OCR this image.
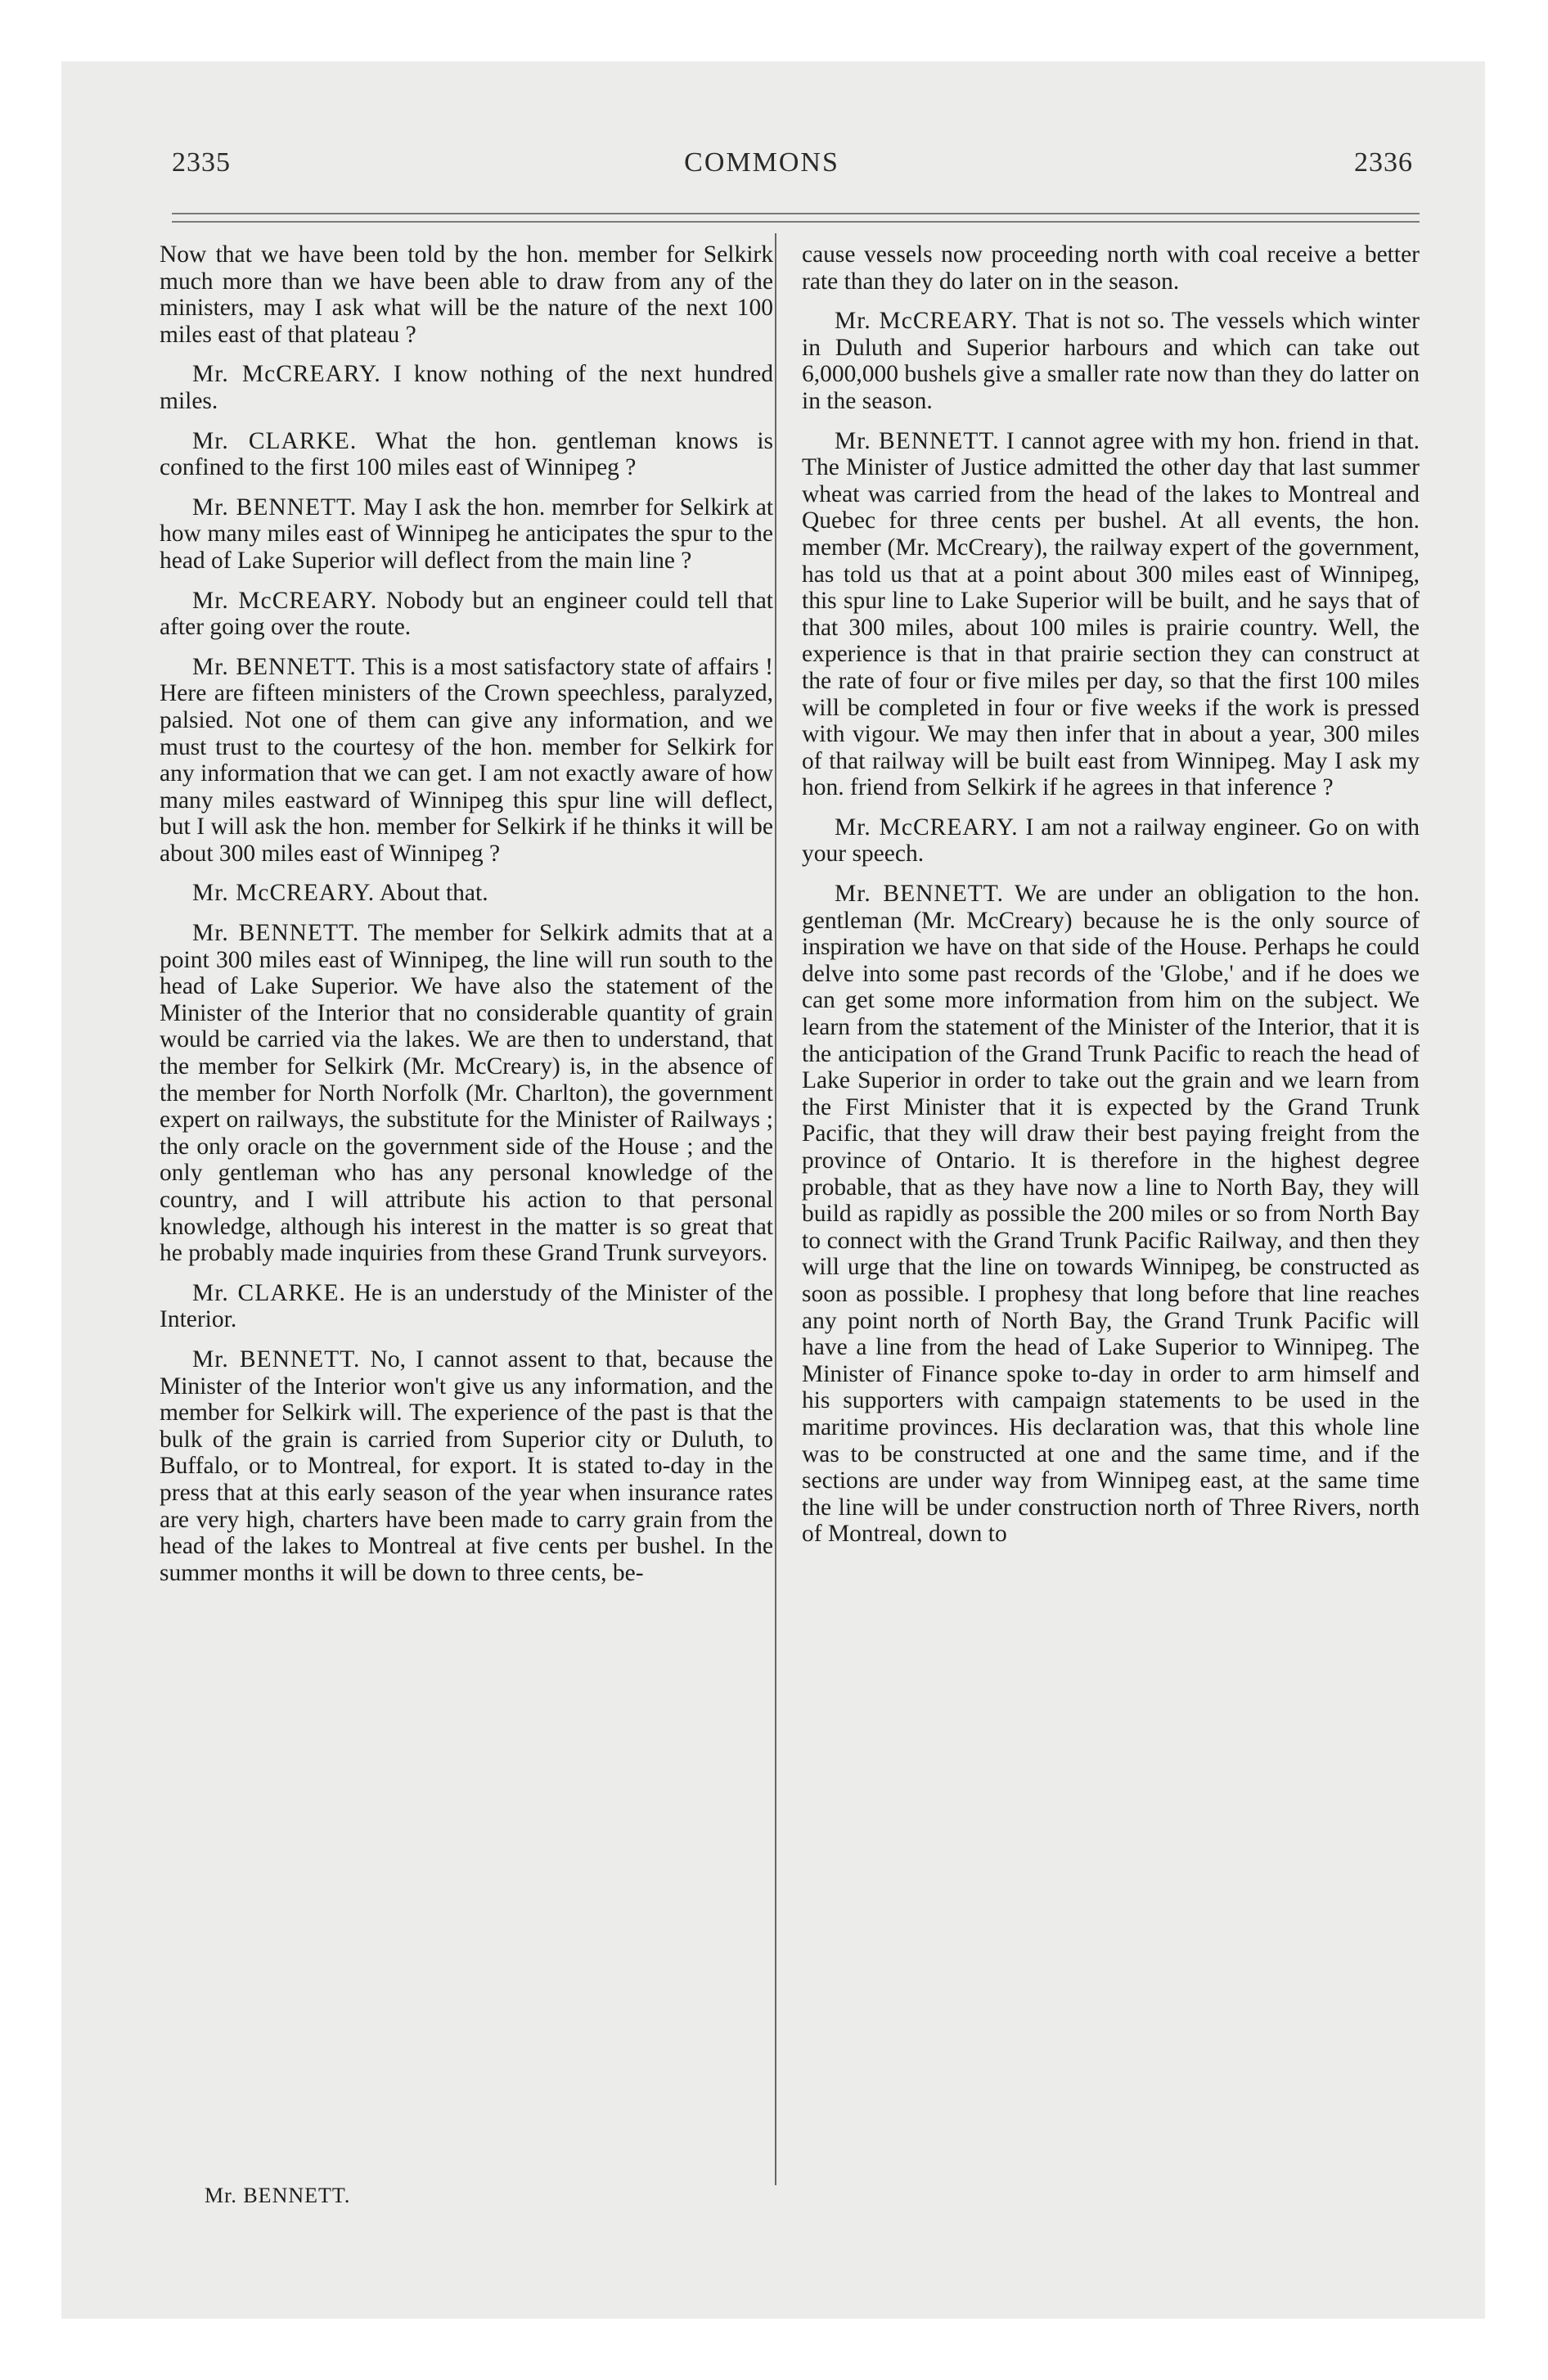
2335	COMMONS	2336

Now that we have been told by the hon. member for Selkirk much more than we have been able to draw from any of the ministers, may I ask what will be the nature of the next 100 miles east of that plateau ?

Mr. McCREARY. I know nothing of the next hundred miles.

Mr. CLARKE. What the hon. gentleman knows is confined to the first 100 miles east of Winnipeg ?

Mr. BENNETT. May I ask the hon. memrber for Selkirk at how many miles east of Winnipeg he anticipates the spur to the head of Lake Superior will deflect from the main line ?

Mr. McCREARY. Nobody but an engineer could tell that after going over the route.

Mr. BENNETT. This is a most satisfactory state of affairs ! Here are fifteen ministers of the Crown speechless, paralyzed, palsied. Not one of them can give any information, and we must trust to the courtesy of the hon. member for Selkirk for any information that we can get. I am not exactly aware of how many miles eastward of Winnipeg this spur line will deflect, but I will ask the hon. member for Selkirk if he thinks it will be about 300 miles east of Winnipeg ?

Mr. McCREARY. About that.

Mr. BENNETT. The member for Selkirk admits that at a point 300 miles east of Winnipeg, the line will run south to the head of Lake Superior. We have also the statement of the Minister of the Interior that no considerable quantity of grain would be carried via the lakes. We are then to understand, that the member for Selkirk (Mr. McCreary) is, in the absence of the member for North Norfolk (Mr. Charlton), the government expert on railways, the substitute for the Minister of Railways ; the only oracle on the government side of the House ; and the only gentleman who has any personal knowledge of the country, and I will attribute his action to that personal knowledge, although his interest in the matter is so great that he probably made inquiries from these Grand Trunk surveyors.

Mr. CLARKE. He is an understudy of the Minister of the Interior.

Mr. BENNETT. No, I cannot assent to that, because the Minister of the Interior won't give us any information, and the member for Selkirk will. The experience of the past is that the bulk of the grain is carried from Superior city or Duluth, to Buffalo, or to Montreal, for export. It is stated to-day in the press that at this early season of the year when insurance rates are very high, charters have been made to carry grain from the head of the lakes to Montreal at five cents per bushel. In the summer months it will be down to three cents, be-

cause vessels now proceeding north with coal receive a better rate than they do later on in the season.

Mr. McCREARY. That is not so. The vessels which winter in Duluth and Superior harbours and which can take out 6,000,000 bushels give a smaller rate now than they do latter on in the season.

Mr. BENNETT. I cannot agree with my hon. friend in that. The Minister of Justice admitted the other day that last summer wheat was carried from the head of the lakes to Montreal and Quebec for three cents per bushel. At all events, the hon. member (Mr. McCreary), the railway expert of the government, has told us that at a point about 300 miles east of Winnipeg, this spur line to Lake Superior will be built, and he says that of that 300 miles, about 100 miles is prairie country. Well, the experience is that in that prairie section they can construct at the rate of four or five miles per day, so that the first 100 miles will be completed in four or five weeks if the work is pressed with vigour. We may then infer that in about a year, 300 miles of that railway will be built east from Winnipeg. May I ask my hon. friend from Selkirk if he agrees in that inference ?

Mr. McCREARY. I am not a railway engineer. Go on with your speech.

Mr. BENNETT. We are under an obligation to the hon. gentleman (Mr. McCreary) because he is the only source of inspiration we have on that side of the House. Perhaps he could delve into some past records of the 'Globe,' and if he does we can get some more information from him on the subject. We learn from the statement of the Minister of the Interior, that it is the anticipation of the Grand Trunk Pacific to reach the head of Lake Superior in order to take out the grain and we learn from the First Minister that it is expected by the Grand Trunk Pacific, that they will draw their best paying freight from the province of Ontario. It is therefore in the highest degree probable, that as they have now a line to North Bay, they will build as rapidly as possible the 200 miles or so from North Bay to connect with the Grand Trunk Pacific Railway, and then they will urge that the line on towards Winnipeg, be constructed as soon as possible. I prophesy that long before that line reaches any point north of North Bay, the Grand Trunk Pacific will have a line from the head of Lake Superior to Winnipeg. The Minister of Finance spoke to-day in order to arm himself and his supporters with campaign statements to be used in the maritime provinces. His declaration was, that this whole line was to be constructed at one and the same time, and if the sections are under way from Winnipeg east, at the same time the line will be under construction north of Three Rivers, north of Montreal, down to

Mr. BENNETT.
